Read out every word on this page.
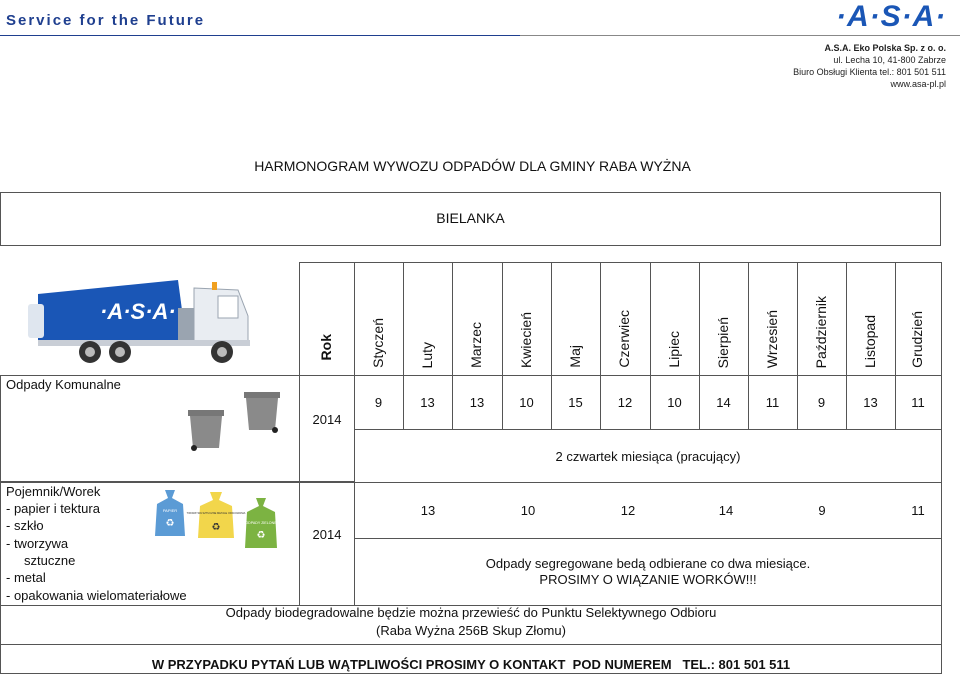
Service for the Future	·A·S·A·
A.S.A. Eko Polska Sp. z o. o.
ul. Lecha 10, 41-800 Zabrze
Biuro Obsługi Klienta tel.: 801 501 511
www.asa-pl.pl
HARMONOGRAM WYWOZU ODPADÓW DLA GMINY RABA WYŻNA
BIELANKA
·A·S·A·
Rok	Styczeń Luty Marzec Kwiecień Maj Czerwiec Lipiec Sierpień Wrzesień Październik Listopad Grudzień
Odpady Komunalne
2014
9	13	13	10	15	12	10	14	11	9	13	11
2 czwartek miesiąca (pracujący)
Pojemnik/Worek
- papier i tektura
- szkło
- tworzywa
sztuczne
- metal
- opakowania wielomateriałowe
PAPIER
♻
TWORZYWA SZTUCZNE METALE OPAKOWANIA
♻	ODPADY ZIELONE
♻	2014
13	10	12	14	9	11
Odpady segregowane bedą odbierane co dwa miesiące.
PROSIMY O WIĄZANIE WORKÓW!!!
Odpady biodegradowalne będzie można przewieść do Punktu Selektywnego Odbioru
(Raba Wyżna 256B Skup Złomu)
W PRZYPADKU PYTAŃ LUB WĄTPLIWOŚCI PROSIMY O KONTAKT  POD NUMEREM   TEL.: 801 501 511
